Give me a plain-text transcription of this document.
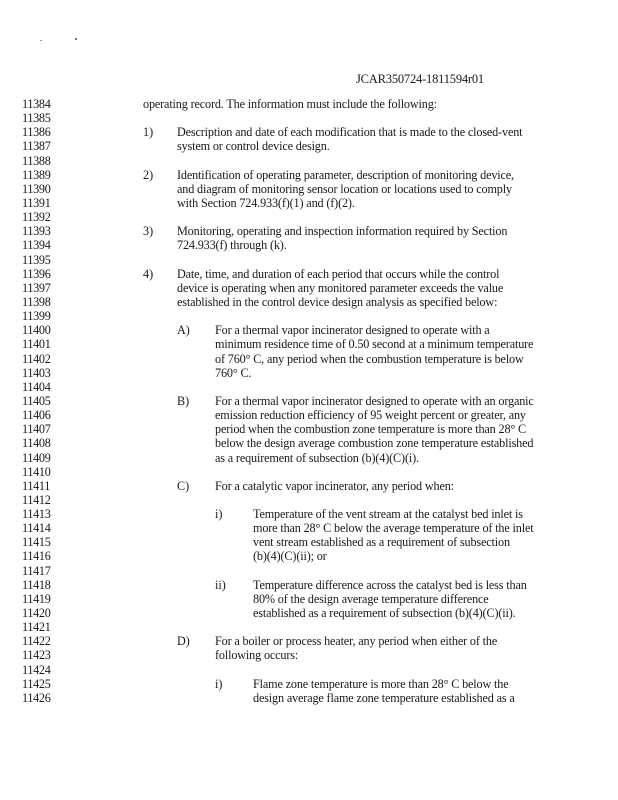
JCAR350724-1811594r01
11384	operating record. The information must include the following:
11385
11386	1) Description and date of each modification that is made to the closed-vent
11387	system or control device design.
11388
11389	2) Identification of operating parameter, description of monitoring device,
11390	and diagram of monitoring sensor location or locations used to comply
11391	with Section 724.933(f)(1) and (f)(2).
11392
11393	3) Monitoring, operating and inspection information required by Section
11394	724.933(f) through (k).
11395
11396	4) Date, time, and duration of each period that occurs while the control
11397	device is operating when any monitored parameter exceeds the value
11398	established in the control device design analysis as specified below:
11399
11400	A) For a thermal vapor incinerator designed to operate with a
11401	minimum residence time of 0.50 second at a minimum temperature
11402	of 760° C, any period when the combustion temperature is below
11403	760° C.
11404
11405	B) For a thermal vapor incinerator designed to operate with an organic
11406	emission reduction efficiency of 95 weight percent or greater, any
11407	period when the combustion zone temperature is more than 28° C
11408	below the design average combustion zone temperature established
11409	as a requirement of subsection (b)(4)(C)(i).
11410
11411	C) For a catalytic vapor incinerator, any period when:
11412
11413	i)	Temperature of the vent stream at the catalyst bed inlet is
11414	more than 28° C below the average temperature of the inlet
11415	vent stream established as a requirement of subsection
11416	(b)(4)(C)(ii); or
11417
11418	ii) Temperature difference across the catalyst bed is less than
11419	80% of the design average temperature difference
11420	established as a requirement of subsection (b)(4)(C)(ii).
11421
11422	D) For a boiler or process heater, any period when either of the
11423	following occurs:
11424
11425	i)	Flame zone temperature is more than 28° C below the
11426	design average flame zone temperature established as a
